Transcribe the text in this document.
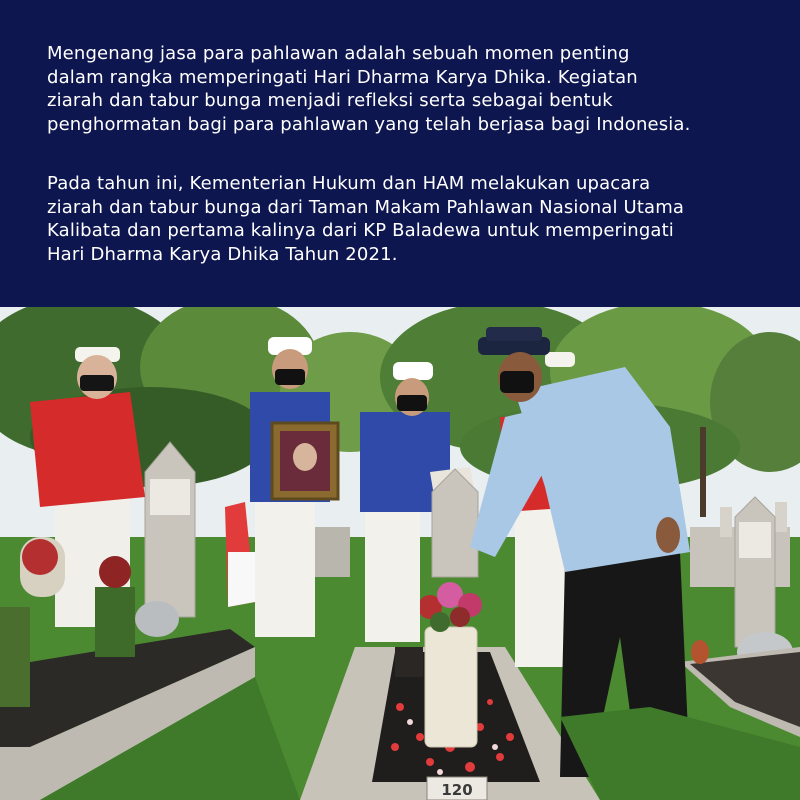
Mengenang jasa para pahlawan adalah sebuah momen penting
dalam rangka memperingati Hari Dharma Karya Dhika. Kegiatan
ziarah dan tabur bunga menjadi refleksi serta sebagai bentuk
penghormatan bagi para pahlawan yang telah berjasa bagi Indonesia.

Pada tahun ini, Kementerian Hukum dan HAM melakukan upacara
ziarah dan tabur bunga dari Taman Makam Pahlawan Nasional Utama
Kalibata dan pertama kalinya dari KP Baladewa untuk memperingati
Hari Dharma Karya Dhika Tahun 2021.

120
